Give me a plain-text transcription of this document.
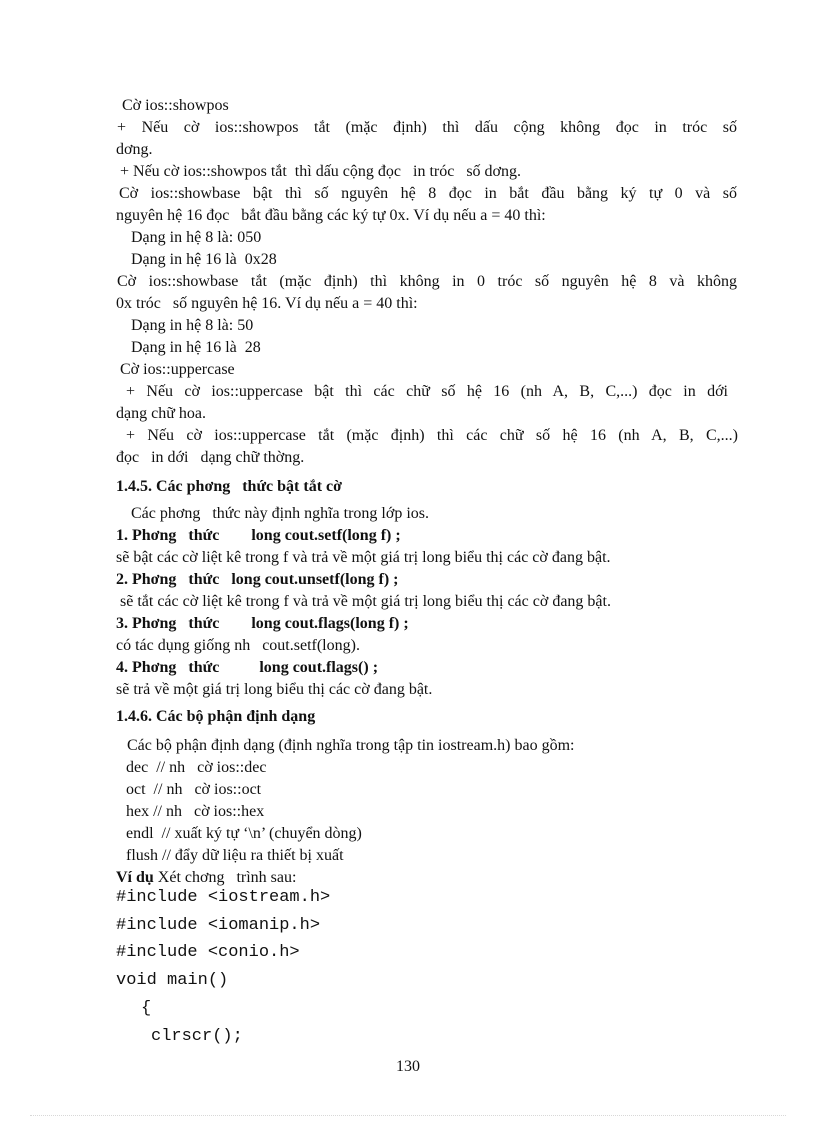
Cờ ios::showpos
+ Nếu cờ ios::showpos tắt (mặc định) thì dấu cộng không đọc in tróc số
dơng.
+ Nếu cờ ios::showpos tắt  thì dấu cộng đọc   in tróc   số dơng.
Cờ ios::showbase bật thì số nguyên hệ 8 đọc in bắt đầu bằng ký tự 0 và số
nguyên hệ 16 đọc   bắt đầu bằng các ký tự 0x. Ví dụ nếu a = 40 thì:
Dạng in hệ 8 là: 050
Dạng in hệ 16 là  0x28
Cờ ios::showbase tắt (mặc định) thì không in 0 tróc số nguyên hệ 8 và không
0x tróc   số nguyên hệ 16. Ví dụ nếu a = 40 thì:
Dạng in hệ 8 là: 50
Dạng in hệ 16 là  28
Cờ ios::uppercase
+ Nếu cờ ios::uppercase bật thì các chữ số hệ 16 (nh A, B, C,...) đọc in dới
dạng chữ hoa.
+ Nếu cờ ios::uppercase tắt (mặc định) thì các chữ số hệ 16 (nh A, B, C,...)
đọc   in dới   dạng chữ thờng.
1.4.5. Các phơng   thức bật tắt cờ
Các phơng   thức này định nghĩa trong lớp ios.
1. Phơng   thức        long cout.setf(long f) ;
sẽ bật các cờ liệt kê trong f và trả về một giá trị long biểu thị các cờ đang bật.
2. Phơng   thức   long cout.unsetf(long f) ;
sẽ tắt các cờ liệt kê trong f và trả về một giá trị long biểu thị các cờ đang bật.
3. Phơng   thức        long cout.flags(long f) ;
có tác dụng giống nh   cout.setf(long).
4. Phơng   thức          long cout.flags() ;
sẽ trả về một giá trị long biểu thị các cờ đang bật.
1.4.6. Các bộ phận định dạng
Các bộ phận định dạng (định nghĩa trong tập tin iostream.h) bao gồm:
dec  // nh   cờ ios::dec
oct  // nh   cờ ios::oct
hex // nh   cờ ios::hex
endl  // xuất ký tự ‘\n’ (chuyển dòng)
flush // đẩy dữ liệu ra thiết bị xuất
Ví dụ Xét chơng   trình sau:
#include <iostream.h>
#include <iomanip.h>
#include <conio.h>
void main()
{
clrscr();
130
